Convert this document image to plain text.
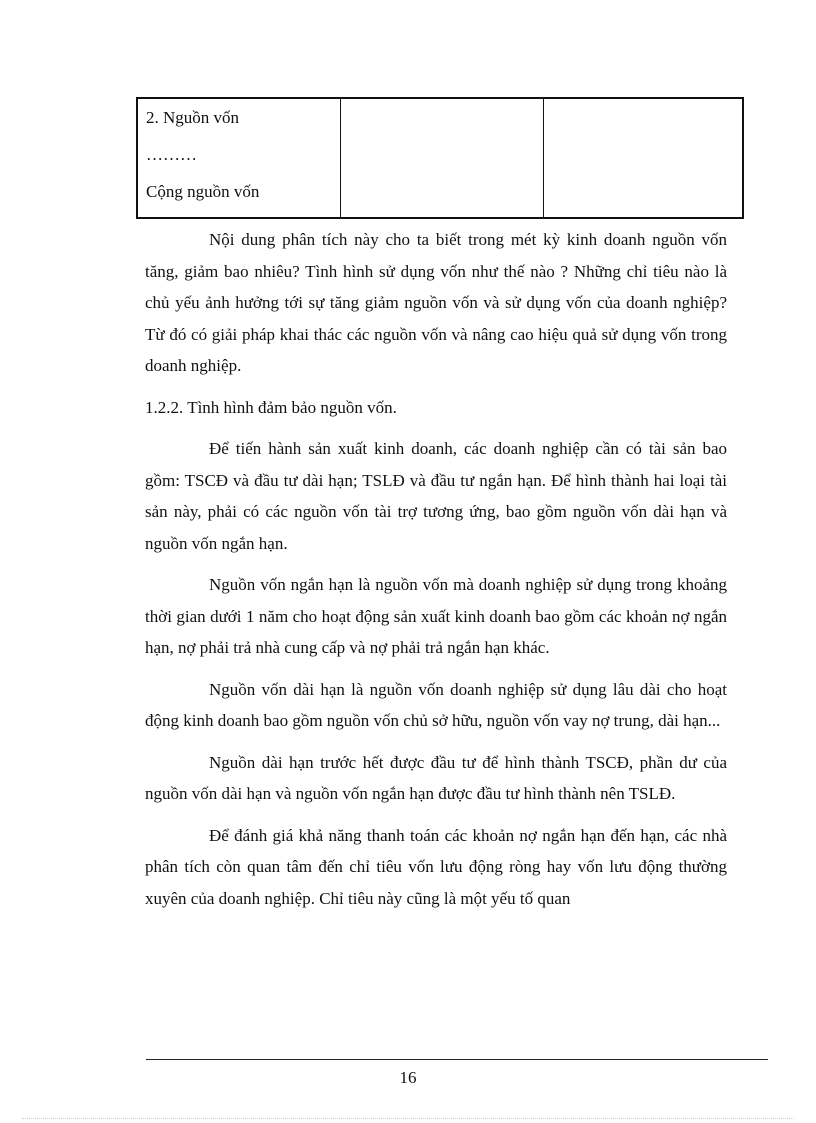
2. Nguồn vốn
………
Cộng nguồn vốn

Nội dung phân tích này cho ta biết trong mét kỳ kinh doanh nguồn vốn tăng, giảm bao nhiêu? Tình hình sử dụng vốn như thế nào ? Những chỉ tiêu nào là chủ yếu ảnh hưởng tới sự tăng giảm nguồn vốn và sử dụng vốn của doanh nghiệp? Từ đó có giải pháp khai thác các nguồn vốn và nâng cao hiệu quả sử dụng vốn trong doanh nghiệp.

1.2.2. Tình hình đảm bảo nguồn vốn.

Để tiến hành sản xuất kinh doanh, các doanh nghiệp cần có tài sản bao gồm: TSCĐ và đầu tư dài hạn; TSLĐ và đầu tư ngắn hạn. Để hình thành hai loại tài sản này, phải có các nguồn vốn tài trợ tương ứng, bao gồm nguồn vốn dài hạn và nguồn vốn ngắn hạn.

Nguồn vốn ngắn hạn là nguồn vốn mà doanh nghiệp sử dụng trong khoảng thời gian dưới 1 năm cho hoạt động sản xuất kinh doanh bao gồm các khoản nợ ngắn hạn, nợ phải trả nhà cung cấp và nợ phải trả ngắn hạn khác.

Nguồn vốn dài hạn là nguồn vốn doanh nghiệp sử dụng lâu dài cho hoạt động kinh doanh bao gồm nguồn vốn chủ sở hữu, nguồn vốn vay nợ trung, dài hạn...

Nguồn dài hạn trước hết được đầu tư để hình thành TSCĐ, phần dư của nguồn vốn dài hạn và nguồn vốn ngắn hạn được đầu tư hình thành nên TSLĐ.

Để đánh giá khả năng thanh toán các khoản nợ ngắn hạn đến hạn, các nhà phân tích còn quan tâm đến chỉ tiêu vốn lưu động ròng hay vốn lưu động thường xuyên của doanh nghiệp. Chỉ tiêu này cũng là một yếu tố quan

16
